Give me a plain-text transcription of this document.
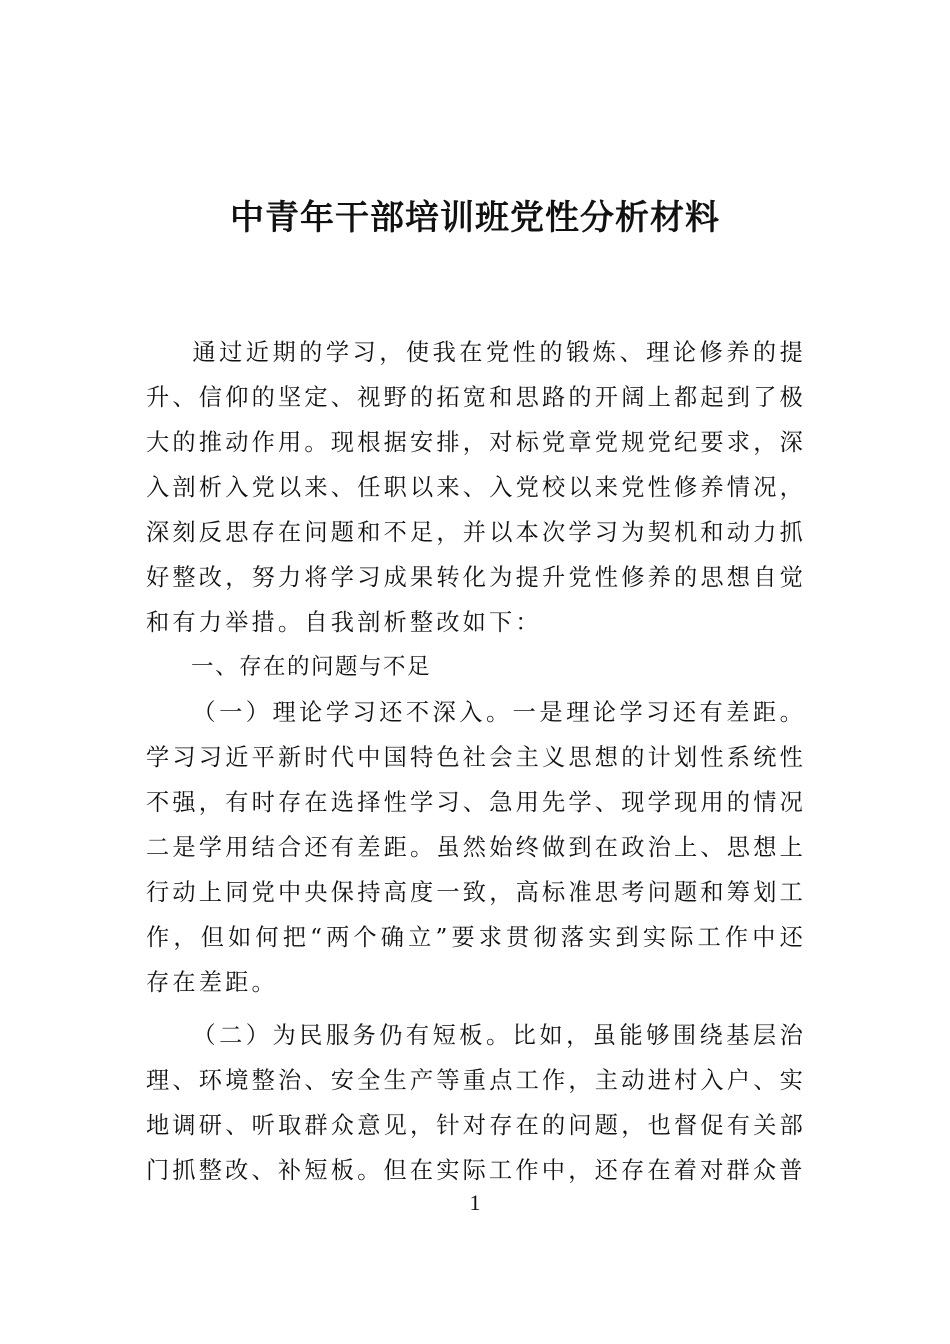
中青年干部培训班党性分析材料

通过近期的学习，使我在党性的锻炼、理论修养的提升、信仰的坚定、视野的拓宽和思路的开阔上都起到了极大的推动作用。现根据安排，对标党章党规党纪要求，深入剖析入党以来、任职以来、入党校以来党性修养情况，深刻反思存在问题和不足，并以本次学习为契机和动力抓好整改，努力将学习成果转化为提升党性修养的思想自觉和有力举措。自我剖析整改如下：

一、存在的问题与不足

（一）理论学习还不深入。一是理论学习还有差距。学习习近平新时代中国特色社会主义思想的计划性系统性不强，有时存在选择性学习、急用先学、现学现用的情况二是学用结合还有差距。虽然始终做到在政治上、思想上行动上同党中央保持高度一致，高标准思考问题和筹划工作，但如何把“两个确立”要求贯彻落实到实际工作中还存在差距。

（二）为民服务仍有短板。比如，虽能够围绕基层治理、环境整治、安全生产等重点工作，主动进村入户、实地调研、听取群众意见，针对存在的问题，也督促有关部门抓整改、补短板。但在实际工作中，还存在着对群众普

1
